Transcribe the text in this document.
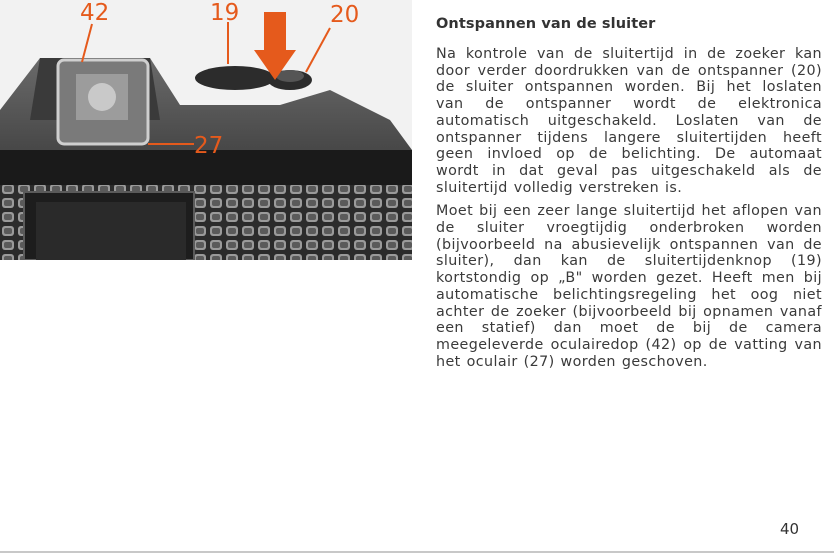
42	19	20
27
Ontspannen van de sluiter

Na kontrole van de sluitertijd in de zoeker kan door verder doordrukken van de ontspanner (20) de sluiter ontspannen worden. Bij het loslaten van de ontspanner wordt de elektronica automatisch uitgeschakeld. Loslaten van de ontspanner tijdens langere sluitertijden heeft geen invloed op de belichting. De automaat wordt in dat geval pas uitgeschakeld als de sluitertijd volledig verstreken is.

Moet bij een zeer lange sluitertijd het aflopen van de sluiter vroegtijdig onderbroken worden (bijvoorbeeld na abusievelijk ontspannen van de sluiter), dan kan de sluitertijdenknop (19) kortstondig op „B" worden gezet. Heeft men bij automatische belichtingsregeling het oog niet achter de zoeker (bijvoorbeeld bij opnamen vanaf een statief) dan moet de bij de camera meegeleverde oculairedop (42) op de vatting van het oculair (27) worden geschoven.

40
